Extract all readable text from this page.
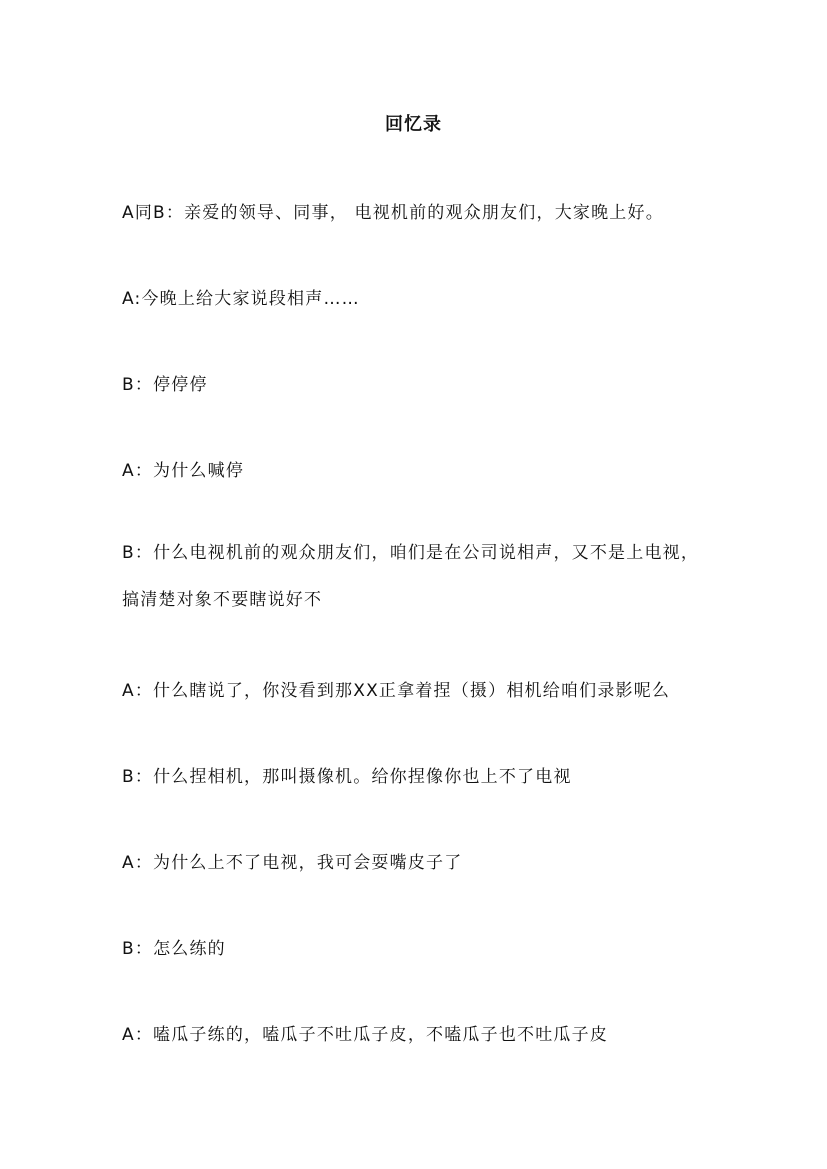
回忆录
A同B：亲爱的领导、同事， 电视机前的观众朋友们，大家晚上好。
A:今晚上给大家说段相声……
B：停停停
A：为什么喊停
B：什么电视机前的观众朋友们，咱们是在公司说相声，又不是上电视，搞清楚对象不要瞎说好不
A：什么瞎说了，你没看到那XX正拿着捏（摄）相机给咱们录影呢么
B：什么捏相机，那叫摄像机。给你捏像你也上不了电视
A：为什么上不了电视，我可会耍嘴皮子了
B：怎么练的
A：嗑瓜子练的，嗑瓜子不吐瓜子皮，不嗑瓜子也不吐瓜子皮
